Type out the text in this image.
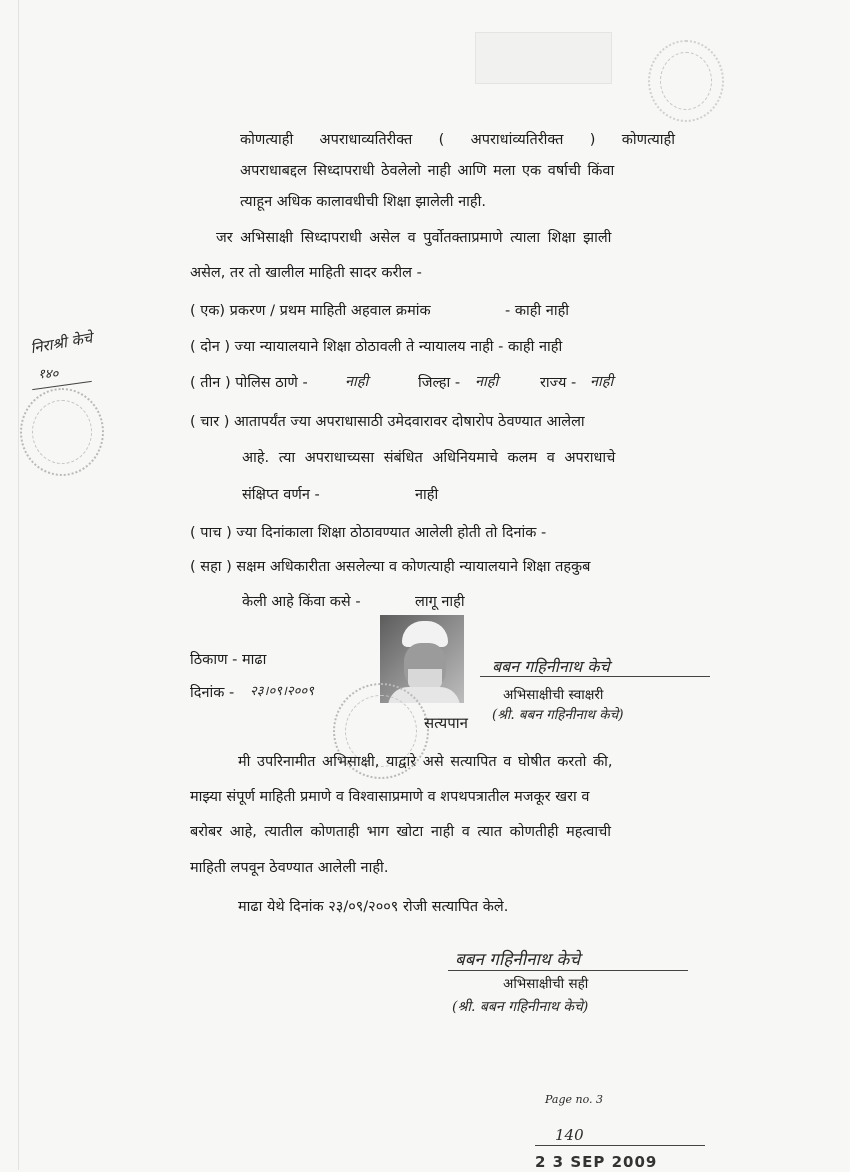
कोणत्याही अपराधाव्यतिरीक्त ( अपराधांव्यतिरीक्त ) कोणत्याही
अपराधाबद्दल सिध्दापराधी ठेवलेलो नाही आणि मला एक वर्षाची किंवा
त्याहून अधिक कालावधीची शिक्षा झालेली नाही.
जर अभिसाक्षी सिध्दापराधी असेल व पुर्वोतक्ताप्रमाणे त्याला शिक्षा झाली
असेल, तर तो खालील माहिती सादर करील -
( एक) प्रकरण / प्रथम माहिती अहवाल क्रमांक	- काही नाही
( दोन ) ज्या न्यायालयाने शिक्षा ठोठावली ते न्यायालय नाही - काही नाही
( तीन ) पोलिस ठाणे -	नाही	जिल्हा - नाही	राज्य - नाही
( चार ) आतापर्यंत ज्या अपराधासाठी उमेदवारावर दोषारोप ठेवण्यात आलेला
आहे. त्या अपराधाच्यसा संबंधित अधिनियमाचे कलम व अपराधाचे
संक्षिप्त वर्णन -	नाही
( पाच ) ज्या दिनांकाला शिक्षा ठोठावण्यात आलेली होती तो दिनांक -
( सहा ) सक्षम अधिकारीता असलेल्या व कोणत्याही न्यायालयाने शिक्षा तहकुब
केली आहे किंवा कसे -	लागू नाही
निराश्री केचे
१४०
ठिकाण - माढा
दिनांक - २३।०९।२००९
बबन गहिनीनाथ केचे
अभिसाक्षीची स्वाक्षरी
(श्री. बबन गहिनीनाथ केचे)
सत्यपान
मी उपरिनामीत अभिसाक्षी, याद्वारे असे सत्यापित व घोषीत करतो की,
माझ्या संपूर्ण माहिती प्रमाणे व विश्वासाप्रमाणे व शपथपत्रातील मजकूर खरा व
बरोबर आहे, त्यातील कोणताही भाग खोटा नाही व त्यात कोणतीही महत्वाची
माहिती लपवून ठेवण्यात आलेली नाही.
माढा येथे दिनांक २३/०९/२००९ रोजी सत्यापित केले.
बबन गहिनीनाथ केचे
अभिसाक्षीची सही
(श्री. बबन गहिनीनाथ केचे)
Page no. 3
140
2 3 SEP 2009
